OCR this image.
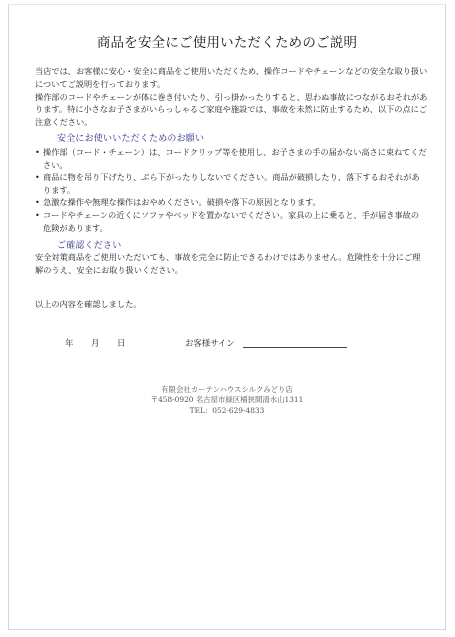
商品を安全にご使用いただくためのご説明

当店では、お客様に安心・安全に商品をご使用いただくため、操作コードやチェーンなどの安全な取り扱いについてご説明を行っております。

操作部のコードやチェーンが体に巻き付いたり、引っ掛かったりすると、思わぬ事故につながるおそれがあります。特に小さなお子さまがいらっしゃるご家庭や施設では、事故を未然に防止するため、以下の点にご注意ください。

安全にお使いいただくためのお願い
• 操作部（コード・チェーン）は、コードクリップ等を使用し、お子さまの手の届かない高さに束ねてください。
• 商品に物を吊り下げたり、ぶら下がったりしないでください。商品が破損したり、落下するおそれがあります。
• 急激な操作や無理な操作はおやめください。破損や落下の原因となります。
• コードやチェーンの近くにソファやベッドを置かないでください。家具の上に乗ると、手が届き事故の危険があります。
ご確認ください

安全対策商品をご使用いただいても、事故を完全に防止できるわけではありません。危険性を十分にご理解のうえ、安全にお取り扱いください。

以上の内容を確認しました。
年 月 日	お客様サイン
有限会社カーテンハウスシルクみどり店
〒458-0920 名古屋市緑区桶狭間清水山1311
TEL：052-629-4833
